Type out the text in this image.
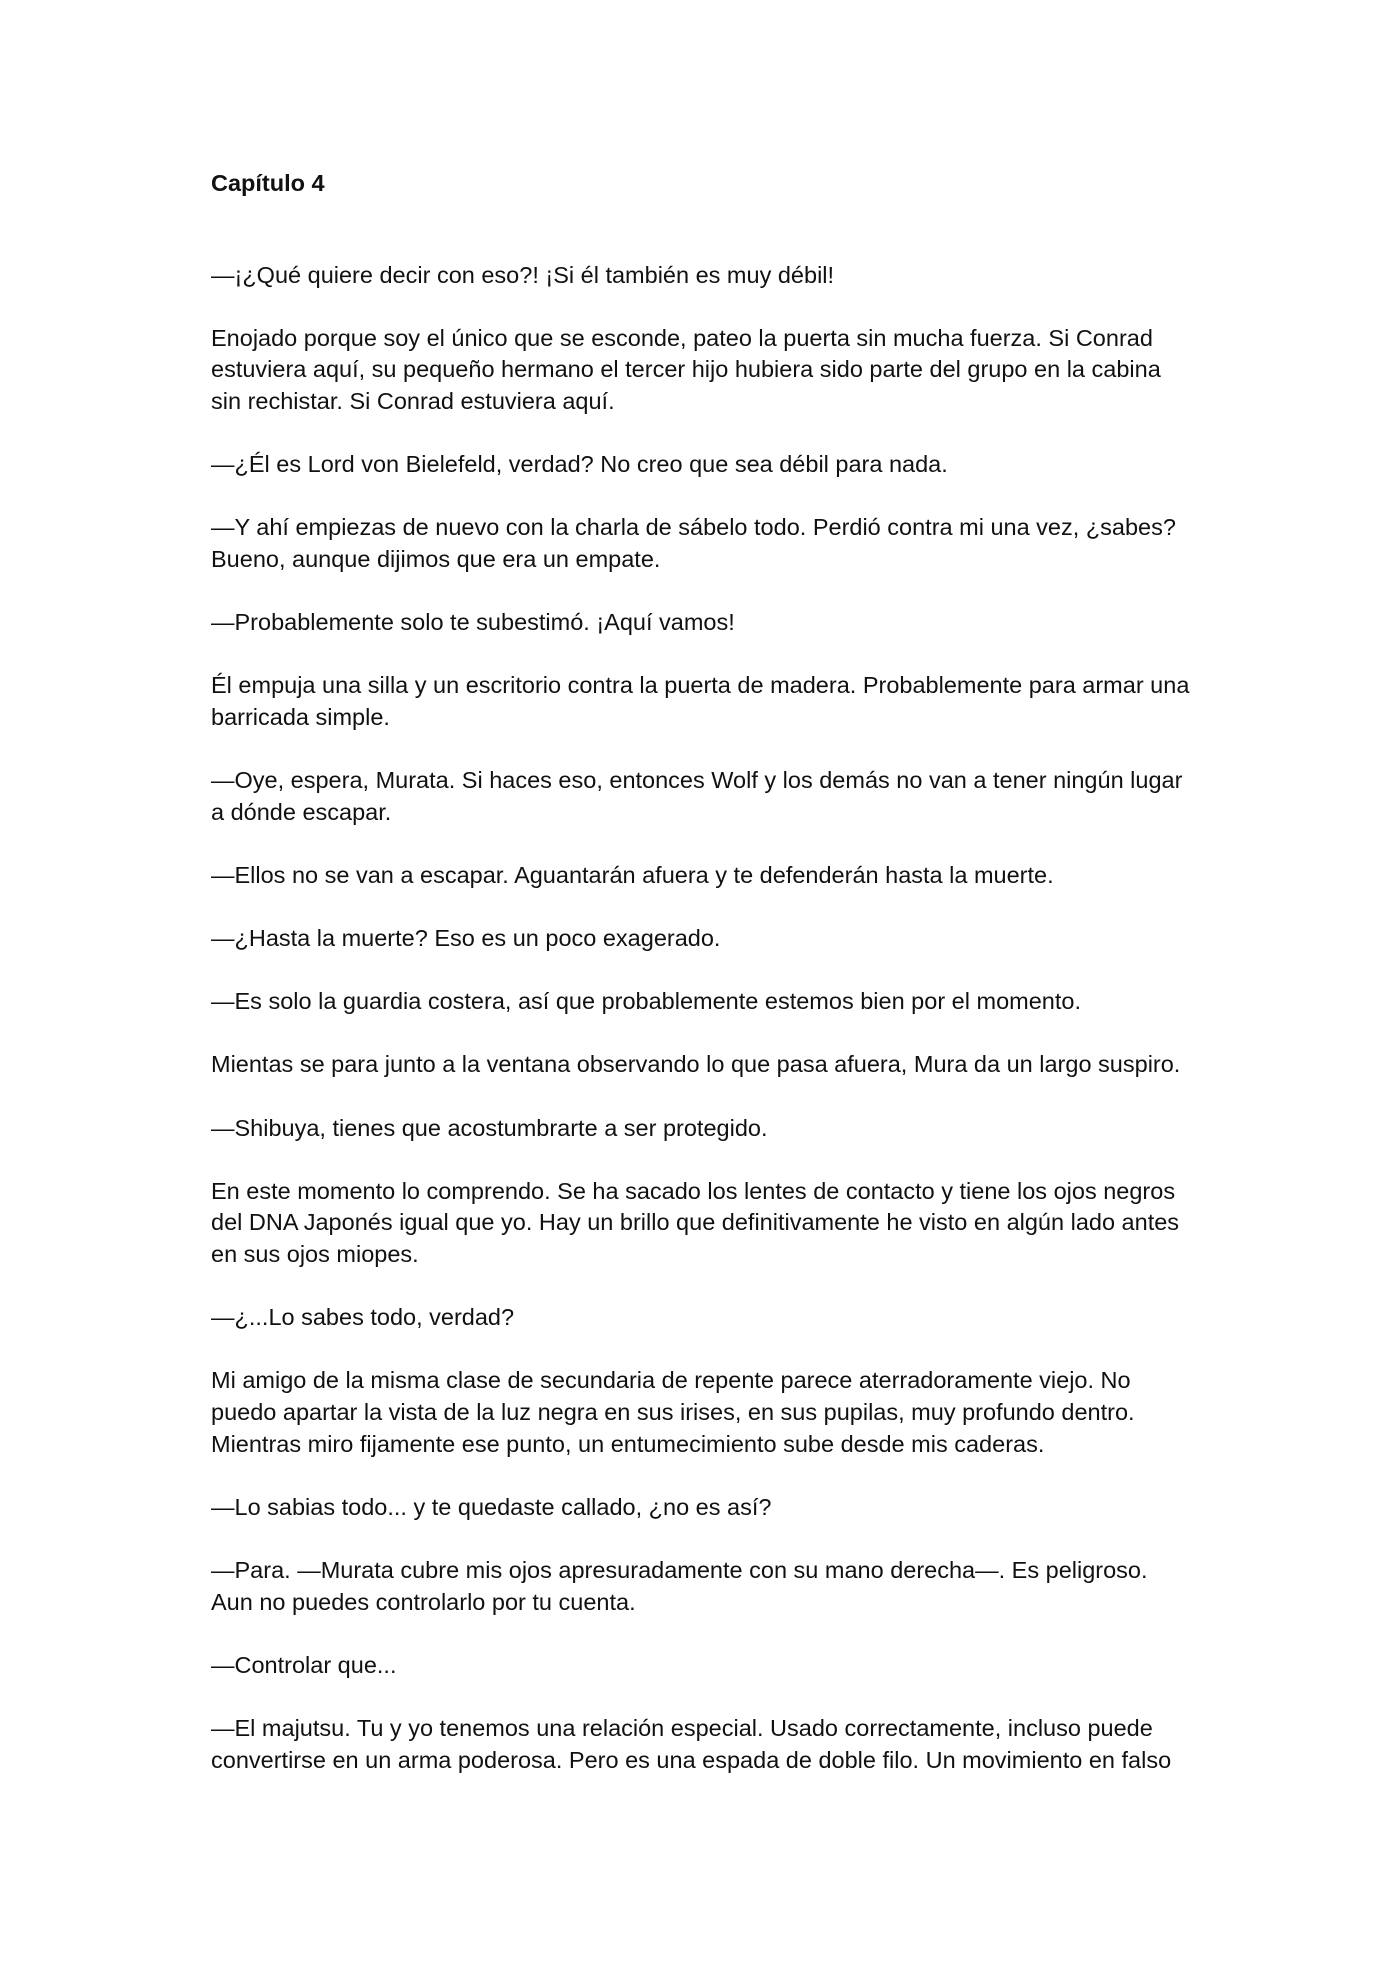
Capítulo 4

—¡¿Qué quiere decir con eso?! ¡Si él también es muy débil!

Enojado porque soy el único que se esconde, pateo la puerta sin mucha fuerza. Si Conrad estuviera aquí, su pequeño hermano el tercer hijo hubiera sido parte del grupo en la cabina sin rechistar. Si Conrad estuviera aquí.

—¿Él es Lord von Bielefeld, verdad? No creo que sea débil para nada.

—Y ahí empiezas de nuevo con la charla de sábelo todo. Perdió contra mi una vez, ¿sabes? Bueno, aunque dijimos que era un empate.

—Probablemente solo te subestimó. ¡Aquí vamos!

Él empuja una silla y un escritorio contra la puerta de madera. Probablemente para armar una barricada simple.

—Oye, espera, Murata. Si haces eso, entonces Wolf y los demás no van a tener ningún lugar a dónde escapar.

—Ellos no se van a escapar. Aguantarán afuera y te defenderán hasta la muerte.

—¿Hasta la muerte? Eso es un poco exagerado.

—Es solo la guardia costera, así que probablemente estemos bien por el momento.

Mientas se para junto a la ventana observando lo que pasa afuera, Mura da un largo suspiro.

—Shibuya, tienes que acostumbrarte a ser protegido.

En este momento lo comprendo. Se ha sacado los lentes de contacto y tiene los ojos negros del DNA Japonés igual que yo. Hay un brillo que definitivamente he visto en algún lado antes en sus ojos miopes.

—¿...Lo sabes todo, verdad?

Mi amigo de la misma clase de secundaria de repente parece aterradoramente viejo. No puedo apartar la vista de la luz negra en sus irises, en sus pupilas, muy profundo dentro. Mientras miro fijamente ese punto, un entumecimiento sube desde mis caderas.

—Lo sabias todo... y te quedaste callado, ¿no es así?

—Para. —Murata cubre mis ojos apresuradamente con su mano derecha—. Es peligroso. Aun no puedes controlarlo por tu cuenta.

—Controlar que...

—El majutsu. Tu y yo tenemos una relación especial. Usado correctamente, incluso puede convertirse en un arma poderosa. Pero es una espada de doble filo. Un movimiento en falso
